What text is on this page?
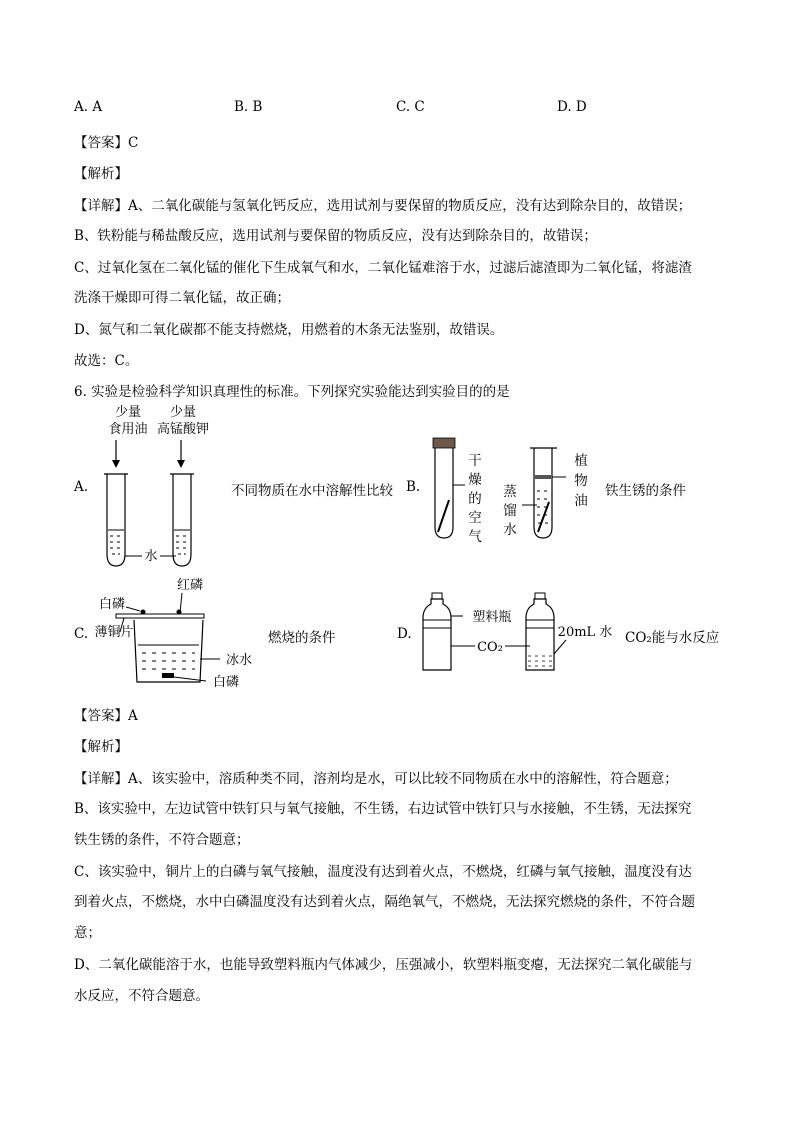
A. A	B. B	C. C	D. D
【答案】C
【解析】
【详解】A、二氧化碳能与氢氧化钙反应，选用试剂与要保留的物质反应，没有达到除杂目的，故错误；
B、铁粉能与稀盐酸反应，选用试剂与要保留的物质反应，没有达到除杂目的，故错误；
C、过氧化氢在二氧化锰的催化下生成氧气和水，二氧化锰难溶于水，过滤后滤渣即为二氧化锰，将滤渣
洗涤干燥即可得二氧化锰，故正确；
D、氮气和二氧化碳都不能支持燃烧，用燃着的木条无法鉴别，故错误。
故选：C。
6. 实验是检验科学知识真理性的标准。下列探究实验能达到实验目的的是
A.
少量
食用油
少量
高锰酸钾
水
不同物质在水中溶解性比较 B.
干
燥
的
空
气
蒸
馏
水
植
物
油
铁生锈的条件
C.
红磷
白磷
薄铜片
冰水
白磷
燃烧的条件	D.
塑料瓶
CO₂
20mL 水 CO₂能与水反应
【答案】A
【解析】
【详解】A、该实验中，溶质种类不同，溶剂均是水，可以比较不同物质在水中的溶解性，符合题意；
B、该实验中，左边试管中铁钉只与氧气接触，不生锈，右边试管中铁钉只与水接触，不生锈，无法探究
铁生锈的条件，不符合题意；
C、该实验中，铜片上的白磷与氧气接触，温度没有达到着火点，不燃烧，红磷与氧气接触，温度没有达
到着火点，不燃烧，水中白磷温度没有达到着火点，隔绝氧气，不燃烧，无法探究燃烧的条件，不符合题
意；
D、二氧化碳能溶于水，也能导致塑料瓶内气体减少，压强减小，软塑料瓶变瘪，无法探究二氧化碳能与
水反应，不符合题意。
